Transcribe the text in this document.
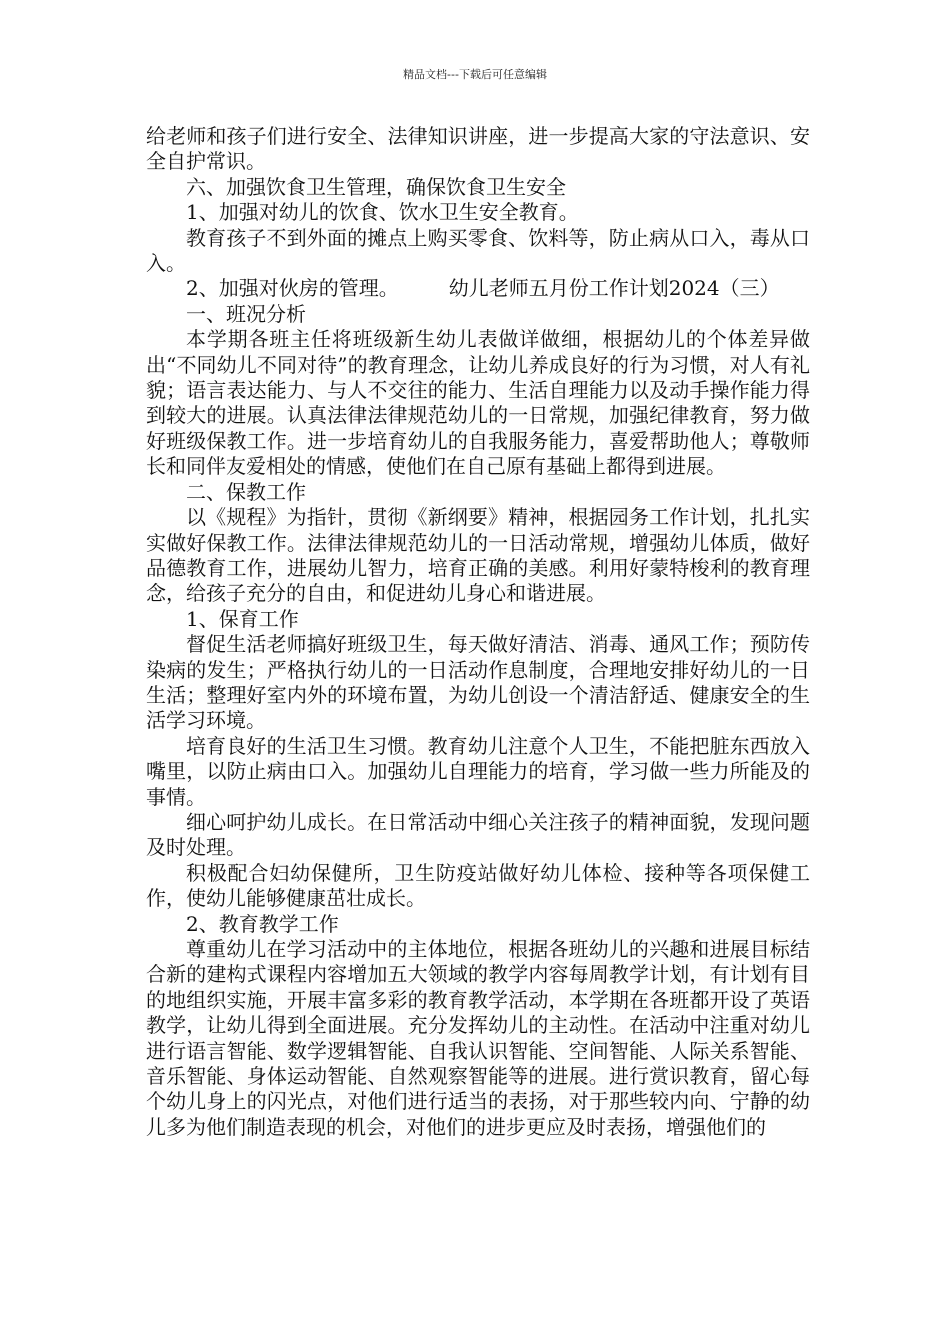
精品文档---下载后可任意编辑

给老师和孩子们进行安全、法律知识讲座，进一步提高大家的守法意识、安全自护常识。

六、加强饮食卫生管理，确保饮食卫生安全

1、加强对幼儿的饮食、饮水卫生安全教育。

教育孩子不到外面的摊点上购买零食、饮料等，防止病从口入，毒从口入。

2、加强对伙房的管理。　　　幼儿老师五月份工作计划2024（三）

一、班况分析

本学期各班主任将班级新生幼儿表做详做细，根据幼儿的个体差异做出“不同幼儿不同对待”的教育理念，让幼儿养成良好的行为习惯，对人有礼貌；语言表达能力、与人不交往的能力、生活自理能力以及动手操作能力得到较大的进展。认真法律法律规范幼儿的一日常规，加强纪律教育，努力做好班级保教工作。进一步培育幼儿的自我服务能力，喜爱帮助他人；尊敬师长和同伴友爱相处的情感，使他们在自己原有基础上都得到进展。

二、保教工作

以《规程》为指针，贯彻《新纲要》精神，根据园务工作计划，扎扎实实做好保教工作。法律法律规范幼儿的一日活动常规，增强幼儿体质，做好品德教育工作，进展幼儿智力，培育正确的美感。利用好蒙特梭利的教育理念，给孩子充分的自由，和促进幼儿身心和谐进展。

1、保育工作

督促生活老师搞好班级卫生，每天做好清洁、消毒、通风工作；预防传染病的发生；严格执行幼儿的一日活动作息制度，合理地安排好幼儿的一日生活；整理好室内外的环境布置，为幼儿创设一个清洁舒适、健康安全的生活学习环境。

培育良好的生活卫生习惯。教育幼儿注意个人卫生，不能把脏东西放入嘴里，以防止病由口入。加强幼儿自理能力的培育，学习做一些力所能及的事情。

细心呵护幼儿成长。在日常活动中细心关注孩子的精神面貌，发现问题及时处理。

积极配合妇幼保健所，卫生防疫站做好幼儿体检、接种等各项保健工作，使幼儿能够健康茁壮成长。

2、教育教学工作

尊重幼儿在学习活动中的主体地位，根据各班幼儿的兴趣和进展目标结合新的建构式课程内容增加五大领域的教学内容每周教学计划，有计划有目的地组织实施，开展丰富多彩的教育教学活动，本学期在各班都开设了英语教学，让幼儿得到全面进展。充分发挥幼儿的主动性。在活动中注重对幼儿进行语言智能、数学逻辑智能、自我认识智能、空间智能、人际关系智能、音乐智能、身体运动智能、自然观察智能等的进展。进行赏识教育，留心每个幼儿身上的闪光点，对他们进行适当的表扬，对于那些较内向、宁静的幼儿多为他们制造表现的机会，对他们的进步更应及时表扬，增强他们的
